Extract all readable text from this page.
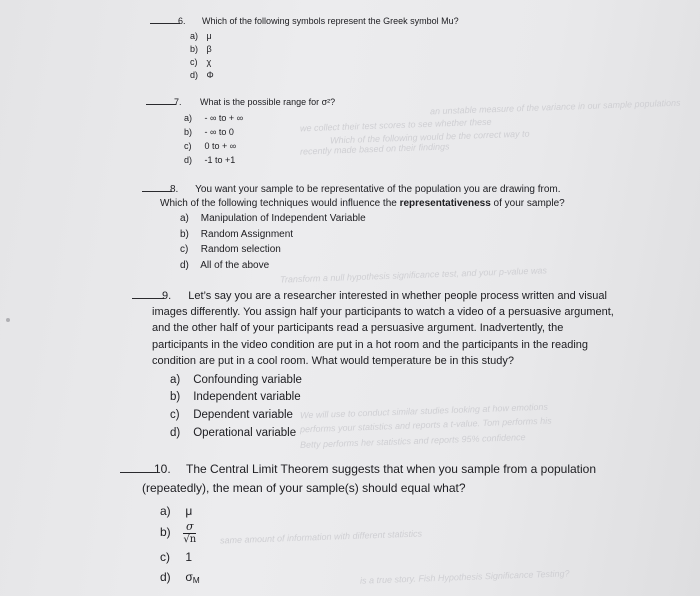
an unstable measure of the variance in our sample populations
we collect their test scores to see whether these
Which of the following would be the correct way to
recently made based on their findings
Transform a null hypothesis significance test, and your p-value was
We will use to conduct similar studies looking at how emotions
performs your statistics and reports a t-value. Tom performs his
Betty performs her statistics and reports 95% confidence
same amount of information with different statistics
is a true story. Fish Hypothesis Significance Testing?
6. Which of the following symbols represent the Greek symbol Mu?
a) μ
b) β
c) χ
d) Φ
7. What is the possible range for σ²?
a) - ∞ to + ∞
b) - ∞ to 0
c) 0 to + ∞
d) -1 to +1
8. You want your sample to be representative of the population you are drawing from.
Which of the following techniques would influence the representativeness of your sample?
a) Manipulation of Independent Variable
b) Random Assignment
c) Random selection
d) All of the above
9. Let’s say you are a researcher interested in whether people process written and visual
images differently. You assign half your participants to watch a video of a persuasive argument,
and the other half of your participants read a persuasive argument. Inadvertently, the
participants in the video condition are put in a hot room and the participants in the reading
condition are put in a cool room. What would temperature be in this study?
a) Confounding variable
b) Independent variable
c) Dependent variable
d) Operational variable
10. The Central Limit Theorem suggests that when you sample from a population
(repeatedly), the mean of your sample(s) should equal what?
a) μ
$b) \frac{\sigma}{√n}$
c) 1
d) $\sigma_M$
